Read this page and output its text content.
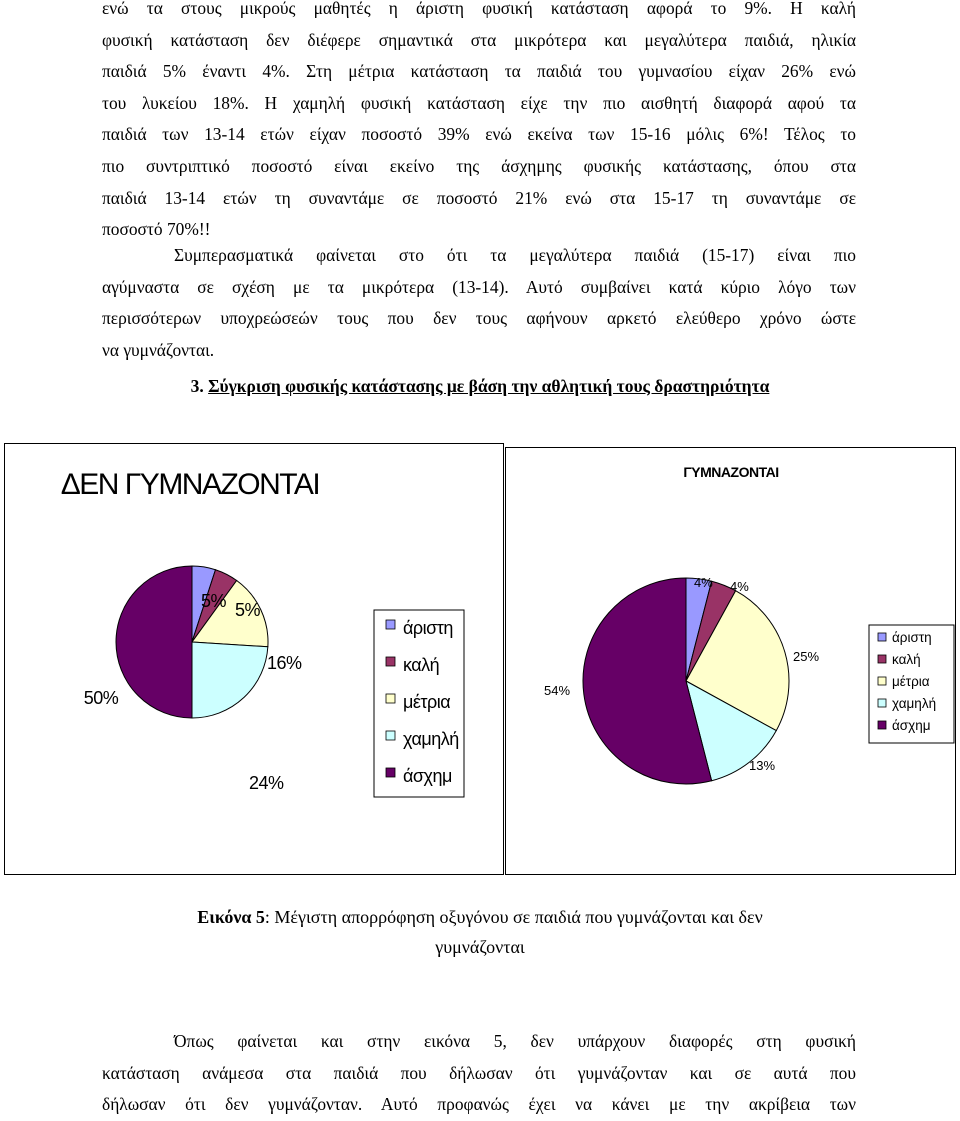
ενώ τα στους μικρούς μαθητές η άριστη φυσική κατάσταση αφορά το 9%. Η καλή
φυσική κατάσταση δεν διέφερε σημαντικά στα μικρότερα και μεγαλύτερα παιδιά, ηλικία
παιδιά 5% έναντι 4%. Στη μέτρια κατάσταση τα παιδιά του γυμνασίου είχαν 26% ενώ
του λυκείου 18%. Η χαμηλή φυσική κατάσταση είχε την πιο αισθητή διαφορά αφού τα
παιδιά των 13-14 ετών είχαν ποσοστό 39% ενώ εκείνα των 15-16 μόλις 6%! Τέλος το
πιο συντριπτικό ποσοστό είναι εκείνο της άσχημης φυσικής κατάστασης, όπου στα
παιδιά 13-14 ετών τη συναντάμε σε ποσοστό 21% ενώ στα 15-17 τη συναντάμε σε
ποσοστό 70%!!
Συμπερασματικά φαίνεται στο ότι τα μεγαλύτερα παιδιά (15-17) είναι πιο
αγύμναστα σε σχέση με τα μικρότερα (13-14). Αυτό συμβαίνει κατά κύριο λόγο των
περισσότερων υποχρεώσεών τους που δεν τους αφήνουν αρκετό ελεύθερο χρόνο ώστε
να γυμνάζονται.
3. Σύγκριση φυσικής κατάστασης με βάση την αθλητική τους δραστηριότητα
ΔΕΝ ΓΥΜΝΑΖΟΝΤΑΙ
5% 5%
16%
24%
50%
άριστη
καλή
μέτρια
χαμηλή
άσχημ
ΓΥΜΝΑΖΟΝΤΑΙ
4% 4%
25%
13%
54%
άριστη
καλή
μέτρια
χαμηλή
άσχημ
Εικόνα 5: Μέγιστη απορρόφηση οξυγόνου σε παιδιά που γυμνάζονται και δεν
γυμνάζονται
Όπως φαίνεται και στην εικόνα 5, δεν υπάρχουν διαφορές στη φυσική
κατάσταση ανάμεσα στα παιδιά που δήλωσαν ότι γυμνάζονταν και σε αυτά που
δήλωσαν ότι δεν γυμνάζονταν. Αυτό προφανώς έχει να κάνει με την ακρίβεια των
